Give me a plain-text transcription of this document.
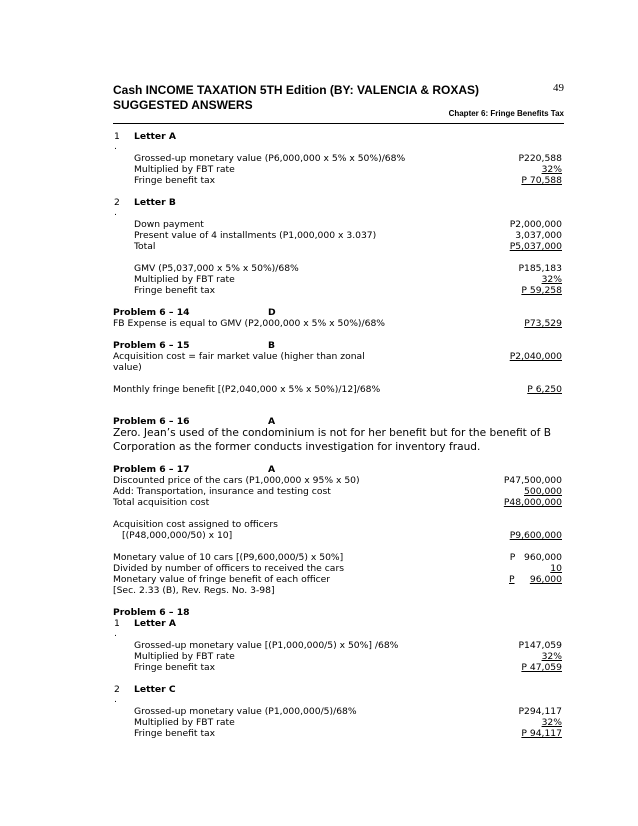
Cash INCOME TAXATION 5TH Edition (BY: VALENCIA & ROXAS)	49
SUGGESTED ANSWERS
Chapter 6: Fringe Benefits Tax
1 Letter A
.
Grossed-up monetary value (P6,000,000 x 5% x 50%)/68%	P220,588
Multiplied by FBT rate	32%
Fringe benefit tax	P 70,588
2 Letter B
.
Down payment	P2,000,000
Present value of 4 installments (P1,000,000 x 3.037)	3,037,000
Total	P5,037,000
GMV (P5,037,000 x 5% x 50%)/68%	P185,183
Multiplied by FBT rate	32%
Fringe benefit tax	P 59,258
Problem 6 – 14	D
FB Expense is equal to GMV (P2,000,000 x 5% x 50%)/68%	P73,529
Problem 6 – 15	B
Acquisition cost = fair market value (higher than zonal	P2,040,000
value)
Monthly fringe benefit [(P2,040,000 x 5% x 50%)/12]/68%	P 6,250
Problem 6 – 16	A
Zero. Jean’s used of the condominium is not for her benefit but for the benefit of B
Corporation as the former conducts investigation for inventory fraud.
Problem 6 – 17	A
Discounted price of the cars (P1,000,000 x 95% x 50)	P47,500,000
Add: Transportation, insurance and testing cost	500,000
Total acquisition cost	P48,000,000
Acquisition cost assigned to officers
[(P48,000,000/50) x 10]	P9,600,000
Monetary value of 10 cars [(P9,600,000/5) x 50%]	P   960,000
Divided by number of officers to received the cars	10
Monetary value of fringe benefit of each officer	P	96,000
[Sec. 2.33 (B), Rev. Regs. No. 3-98]
Problem 6 – 18
1 Letter A
.
Grossed-up monetary value [(P1,000,000/5) x 50%] /68%	P147,059
Multiplied by FBT rate	32%
Fringe benefit tax	P 47,059
2 Letter C
.
Grossed-up monetary value (P1,000,000/5)/68%	P294,117
Multiplied by FBT rate	32%
Fringe benefit tax	P 94,117
